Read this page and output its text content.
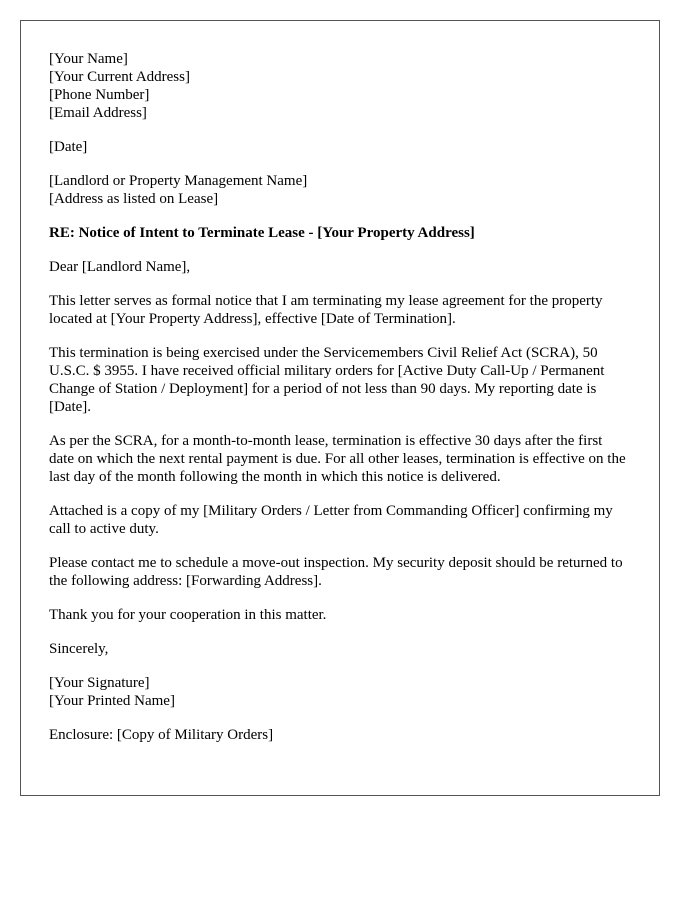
[Your Name]
[Your Current Address]
[Phone Number]
[Email Address]
[Date]
[Landlord or Property Management Name]
[Address as listed on Lease]
RE: Notice of Intent to Terminate Lease - [Your Property Address]
Dear [Landlord Name],

This letter serves as formal notice that I am terminating my lease agreement for the property located at [Your Property Address], effective [Date of Termination].

This termination is being exercised under the Servicemembers Civil Relief Act (SCRA), 50 U.S.C. $ 3955. I have received official military orders for [Active Duty Call-Up / Permanent Change of Station / Deployment] for a period of not less than 90 days. My reporting date is [Date].

As per the SCRA, for a month-to-month lease, termination is effective 30 days after the first date on which the next rental payment is due. For all other leases, termination is effective on the last day of the month following the month in which this notice is delivered.

Attached is a copy of my [Military Orders / Letter from Commanding Officer] confirming my call to active duty.

Please contact me to schedule a move-out inspection. My security deposit should be returned to the following address: [Forwarding Address].

Thank you for your cooperation in this matter.

Sincerely,
[Your Signature]
[Your Printed Name]
Enclosure: [Copy of Military Orders]
